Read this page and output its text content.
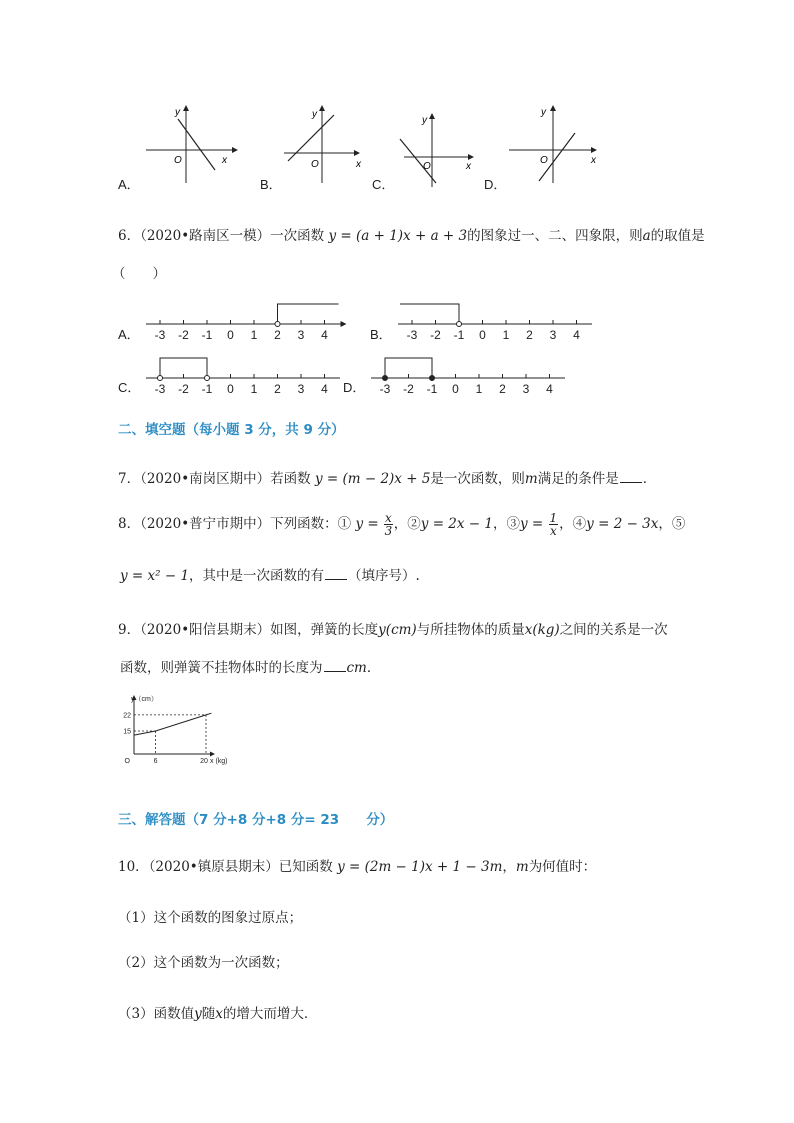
y
x
O
y
x
O
y
x
O
y
x
O
A．	B．	C．	D．
6．（2020•路南区一模）一次函数 y = (a + 1)x + a + 3的图象过一、二、四象限，则a的取值是
（　　）
A．	B．
C．	D．
-3 -2 -1 0 1 2 3 4	-3 -2 -1 0 1 2 3 4
-3 -2 -1 0 1 2 3 4	-3 -2 -1 0 1 2 3 4
二、填空题（每小题 3 分，共 9 分）
7．（2020•南岗区期中）若函数 y = (m − 2)x + 5是一次函数，则m满足的条件是 ．
8．（2020•普宁市期中）下列函数：① $y = \frac{x}{3}$ ，②y = 2x − 1，③y = $\frac{1}{x}$ ，④y = 2 − 3x，⑤
y = x² − 1，其中是一次函数的有 （填序号）.
9．（2020•阳信县期末）如图，弹簧的长度y(cm)与所挂物体的质量x(kg)之间的关系是一次
函数，则弹簧不挂物体时的长度为 cm．
15
22
6	20
O
y（cm）
x (kg)
三、解答题（7 分+8 分+8 分= 23　　分）
10．（2020•镇原县期末）已知函数 y = (2m − 1)x + 1 − 3m，m为何值时：
（1）这个函数的图象过原点；
（2）这个函数为一次函数；
（3）函数值y随x的增大而增大．
